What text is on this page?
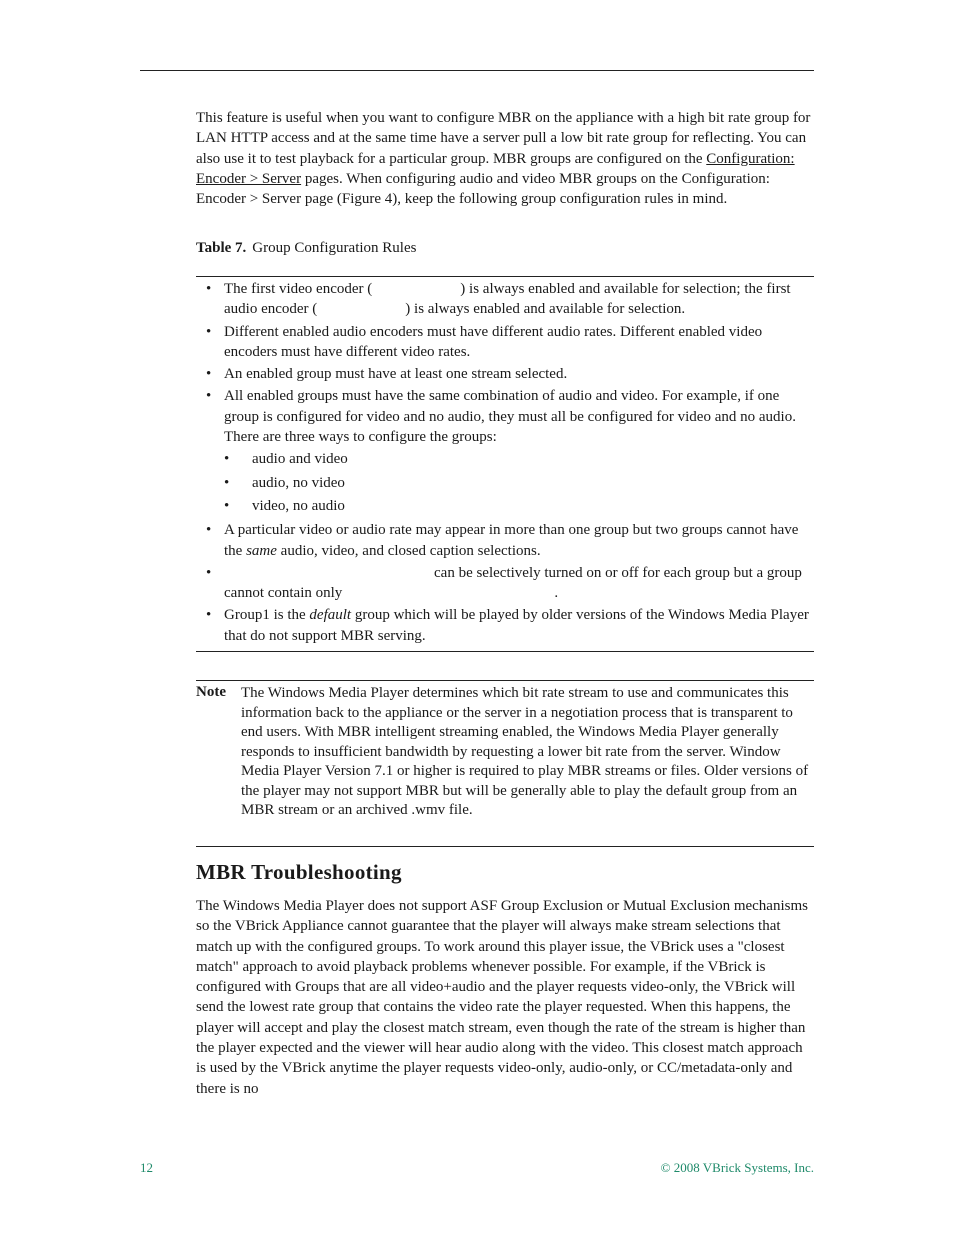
This feature is useful when you want to configure MBR on the appliance with a high bit rate group for LAN HTTP access and at the same time have a server pull a low bit rate group for reflecting. You can also use it to test playback for a particular group. MBR groups are configured on the Configuration: Encoder > Server pages. When configuring audio and video MBR groups on the Configuration: Encoder > Server page (Figure 4), keep the following group configuration rules in mind.

Table 7. Group Configuration Rules

• The first video encoder (	) is always enabled and available for selection; the first audio encoder (	) is always enabled and available for selection.
• Different enabled audio encoders must have different audio rates. Different enabled video encoders must have different video rates.
• An enabled group must have at least one stream selected.
• All enabled groups must have the same combination of audio and video. For example, if one group is configured for video and no audio, they must all be configured for video and no audio. There are three ways to configure the groups:
• audio and video
• audio, no video
• video, no audio
• A particular video or audio rate may appear in more than one group but two groups cannot have the same audio, video, and closed caption selections.
• can be selectively turned on or off for each group but a group cannot contain only	.
• Group1 is the default group which will be played by older versions of the Windows Media Player that do not support MBR serving.
Note The Windows Media Player determines which bit rate stream to use and communicates this information back to the appliance or the server in a negotiation process that is transparent to end users. With MBR intelligent streaming enabled, the Windows Media Player generally responds to insufficient bandwidth by requesting a lower bit rate from the server. Window Media Player Version 7.1 or higher is required to play MBR streams or files. Older versions of the player may not support MBR but will be generally able to play the default group from an MBR stream or an archived .wmv file.

MBR Troubleshooting

The Windows Media Player does not support ASF Group Exclusion or Mutual Exclusion mechanisms so the VBrick Appliance cannot guarantee that the player will always make stream selections that match up with the configured groups. To work around this player issue, the VBrick uses a "closest match" approach to avoid playback problems whenever possible. For example, if the VBrick is configured with Groups that are all video+audio and the player requests video-only, the VBrick will send the lowest rate group that contains the video rate the player requested. When this happens, the player will accept and play the closest match stream, even though the rate of the stream is higher than the player expected and the viewer will hear audio along with the video. This closest match approach is used by the VBrick anytime the player requests video-only, audio-only, or CC/metadata-only and there is no

12	© 2008 VBrick Systems, Inc.
